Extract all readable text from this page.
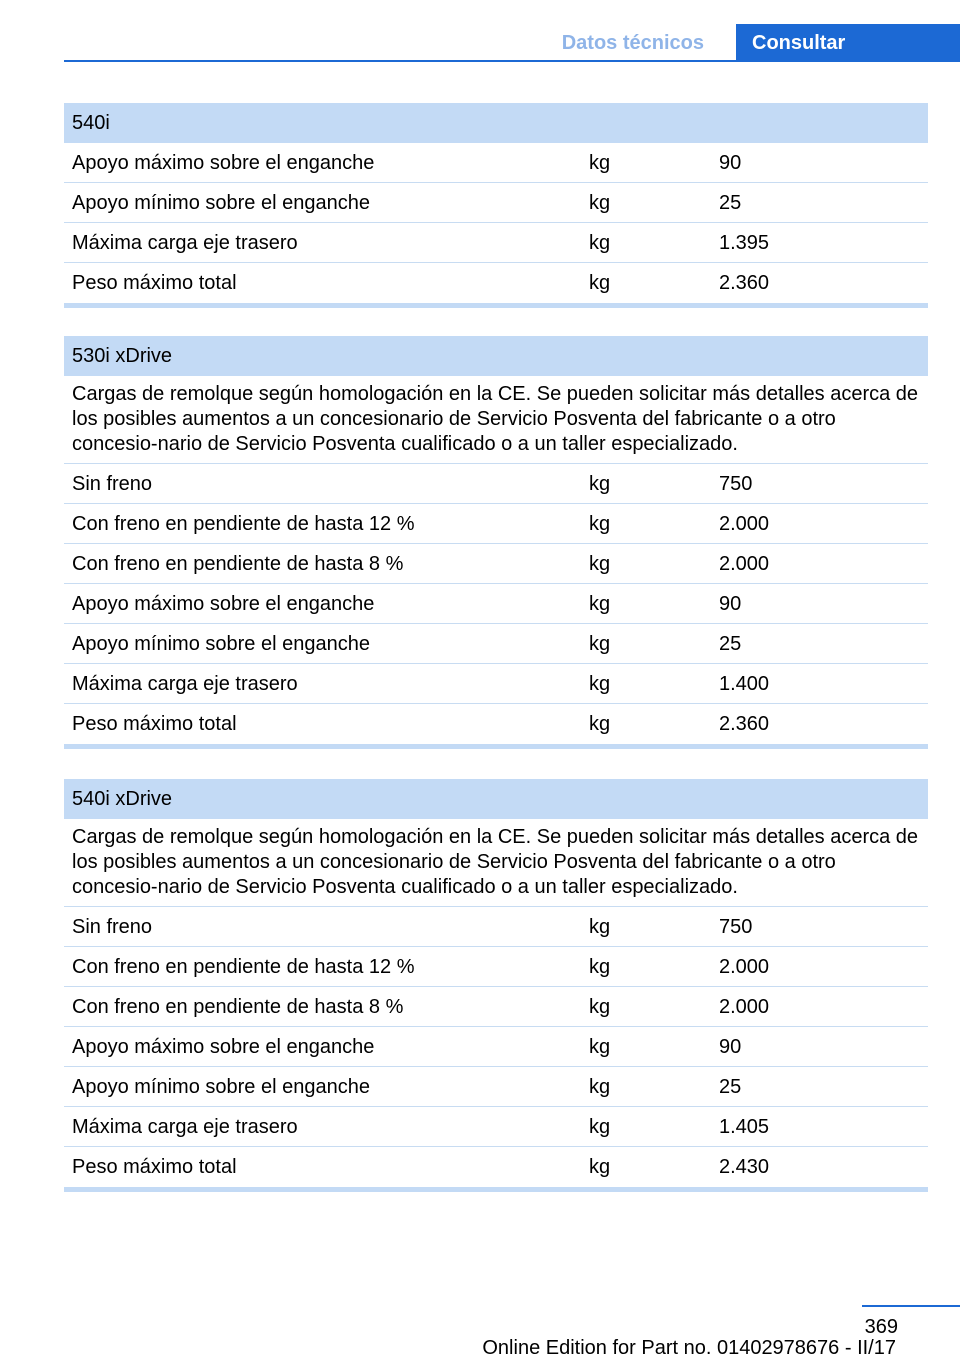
Datos técnicos	Consultar
540i
Apoyo máximo sobre el enganche	kg	90
Apoyo mínimo sobre el enganche	kg	25
Máxima carga eje trasero	kg	1.395
Peso máximo total	kg	2.360
530i xDrive
Cargas de remolque según homologación en la CE. Se pueden solicitar más detalles acerca de los posibles aumentos a un concesionario de Servicio Posventa del fabricante o a otro concesio-nario de Servicio Posventa cualificado o a un taller especializado.
Sin freno	kg	750
Con freno en pendiente de hasta 12 %	kg	2.000
Con freno en pendiente de hasta 8 %	kg	2.000
Apoyo máximo sobre el enganche	kg	90
Apoyo mínimo sobre el enganche	kg	25
Máxima carga eje trasero	kg	1.400
Peso máximo total	kg	2.360
540i xDrive
Cargas de remolque según homologación en la CE. Se pueden solicitar más detalles acerca de los posibles aumentos a un concesionario de Servicio Posventa del fabricante o a otro concesio-nario de Servicio Posventa cualificado o a un taller especializado.
Sin freno	kg	750
Con freno en pendiente de hasta 12 %	kg	2.000
Con freno en pendiente de hasta 8 %	kg	2.000
Apoyo máximo sobre el enganche	kg	90
Apoyo mínimo sobre el enganche	kg	25
Máxima carga eje trasero	kg	1.405
Peso máximo total	kg	2.430
369
Online Edition for Part no. 01402978676 - II/17
